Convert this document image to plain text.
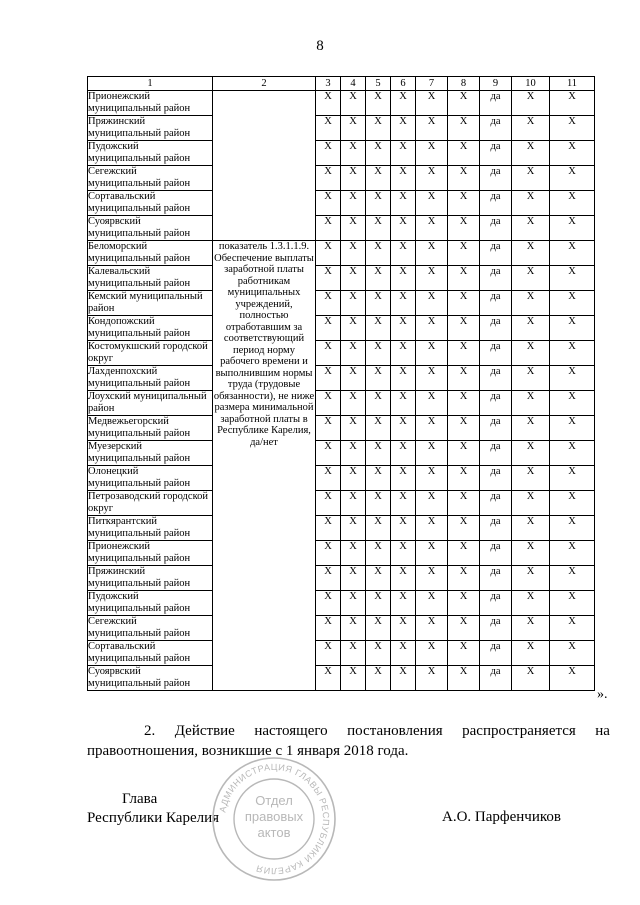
8
1	2	3	4	5	6	7	8	9	10	11
Прионежский муниципальный район		X	X	X	X	X	X	да	X	X
Пряжинский муниципальный район		X	X	X	X	X	X	да	X	X
Пудожский муниципальный район		X	X	X	X	X	X	да	X	X
Сегежский муниципальный район		X	X	X	X	X	X	да	X	X
Сортавальский муниципальный район		X	X	X	X	X	X	да	X	X
Суоярвский муниципальный район		X	X	X	X	X	X	да	X	X
Беломорский муниципальный район	показатель 1.3.1.1.9. Обеспечение выплаты заработной платы работникам муниципальных учреждений, полностью отработавшим за соответствующий период норму рабочего времени и выполнившим нормы труда (трудовые обязанности), не ниже размера минимальной заработной платы в Республике Карелия, да/нет	X	X	X	X	X	X	да	X	X
Калевальский муниципальный район		X	X	X	X	X	X	да	X	X
Кемский муниципальный район		X	X	X	X	X	X	да	X	X
Кондопожский муниципальный район		X	X	X	X	X	X	да	X	X
Костомукшский городской округ		X	X	X	X	X	X	да	X	X
Лахденпохский муниципальный район		X	X	X	X	X	X	да	X	X
Лоухский муниципальный район		X	X	X	X	X	X	да	X	X
Медвежьегорский муниципальный район		X	X	X	X	X	X	да	X	X
Муезерский муниципальный район		X	X	X	X	X	X	да	X	X
Олонецкий муниципальный район		X	X	X	X	X	X	да	X	X
Петрозаводский городской округ		X	X	X	X	X	X	да	X	X
Питкярантский муниципальный район		X	X	X	X	X	X	да	X	X
Прионежский муниципальный район		X	X	X	X	X	X	да	X	X
Пряжинский муниципальный район		X	X	X	X	X	X	да	X	X
Пудожский муниципальный район		X	X	X	X	X	X	да	X	X
Сегежский муниципальный район		X	X	X	X	X	X	да	X	X
Сортавальский муниципальный район		X	X	X	X	X	X	да	X	X
Суоярвский муниципальный район		X	X	X	X	X	X	да	X	X
».
2. Действие настоящего постановления распространяется на
правоотношения, возникшие с 1 января 2018 года.
Глава
Республики Карелия	А.О. Парфенчиков
АДМИНИСТРАЦИЯ ГЛАВЫ РЕСПУБЛИКИ КАРЕЛИЯ
Отдел
правовых
актов
